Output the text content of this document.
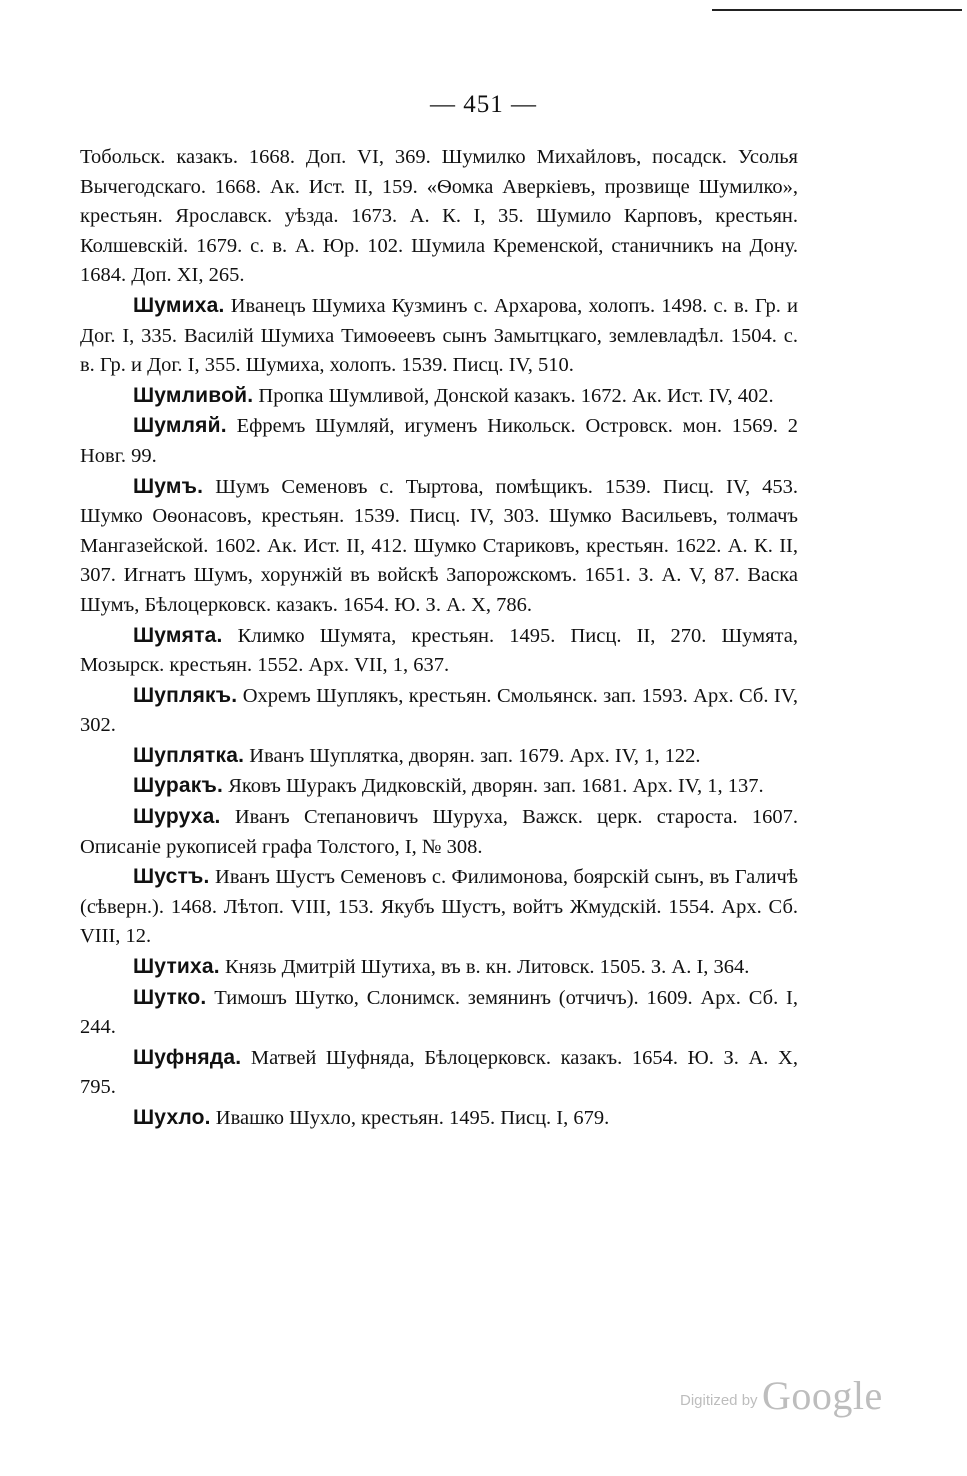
— 451 —

Тобольск. казакъ. 1668. Доп. VI, 369. Шумилко Михайловъ, посадск. Усолья Вычегодскаго. 1668. Ак. Ист. II, 159. «Ѳомка Аверкіевъ, прозвище Шумилко», крестьян. Ярославск. уѣзда. 1673. А. К. I, 35. Шумило Карповъ, крестьян. Колшевскій. 1679. с. в. А. Юр. 102. Шумила Кременской, станичникъ на Дону. 1684. Доп. XI, 265.

Шумиха. Иванецъ Шумиха Кузминъ с. Архарова, холопъ. 1498. с. в. Гр. и Дог. I, 335. Василій Шумиха Тимоѳеевъ сынъ Замытцкаго, землевладѣл. 1504. с. в. Гр. и Дог. I, 355. Шумиха, холопъ. 1539. Писц. IV, 510.

Шумливой. Пропка Шумливой, Донской казакъ. 1672. Ак. Ист. IV, 402.

Шумляй. Ефремъ Шумляй, игуменъ Никольск. Островск. мон. 1569. 2 Новг. 99.

Шумъ. Шумъ Семеновъ с. Тыртова, помѣщикъ. 1539. Писц. IV, 453. Шумко Оѳонасовъ, крестьян. 1539. Писц. IV, 303. Шумко Васильевъ, толмачъ Мангазейской. 1602. Ак. Ист. II, 412. Шумко Стариковъ, крестьян. 1622. А. К. II, 307. Игнатъ Шумъ, хорунжій въ войскѣ Запорожскомъ. 1651. З. А. V, 87. Васка Шумъ, Бѣлоцерковск. казакъ. 1654. Ю. З. А. X, 786.

Шумята. Климко Шумята, крестьян. 1495. Писц. II, 270. Шумята, Мозырск. крестьян. 1552. Арх. VII, 1, 637.

Шуплякъ. Охремъ Шуплякъ, крестьян. Смольянск. зап. 1593. Арх. Сб. IV, 302.

Шуплятка. Иванъ Шуплятка, дворян. зап. 1679. Арх. IV, 1, 122.

Шуракъ. Яковъ Шуракъ Дидковскій, дворян. зап. 1681. Арх. IV, 1, 137.

Шуруха. Иванъ Степановичъ Шуруха, Важск. церк. староста. 1607. Описаніе рукописей графа Толстого, I, № 308.

Шустъ. Иванъ Шустъ Семеновъ с. Филимонова, боярскій сынъ, въ Галичѣ (сѣверн.). 1468. Лѣтоп. VIII, 153. Якубъ Шустъ, войтъ Жмудскій. 1554. Арх. Сб. VIII, 12.

Шутиха. Князь Дмитрій Шутиха, въ в. кн. Литовск. 1505. З. А. I, 364.

Шутко. Тимошъ Шутко, Слонимск. земянинъ (отчичъ). 1609. Арх. Сб. I, 244.

Шуфняда. Матвей Шуфняда, Бѣлоцерковск. казакъ. 1654. Ю. З. А. X, 795.

Шухло. Ивашко Шухло, крестьян. 1495. Писц. I, 679.

Digitized by Google
